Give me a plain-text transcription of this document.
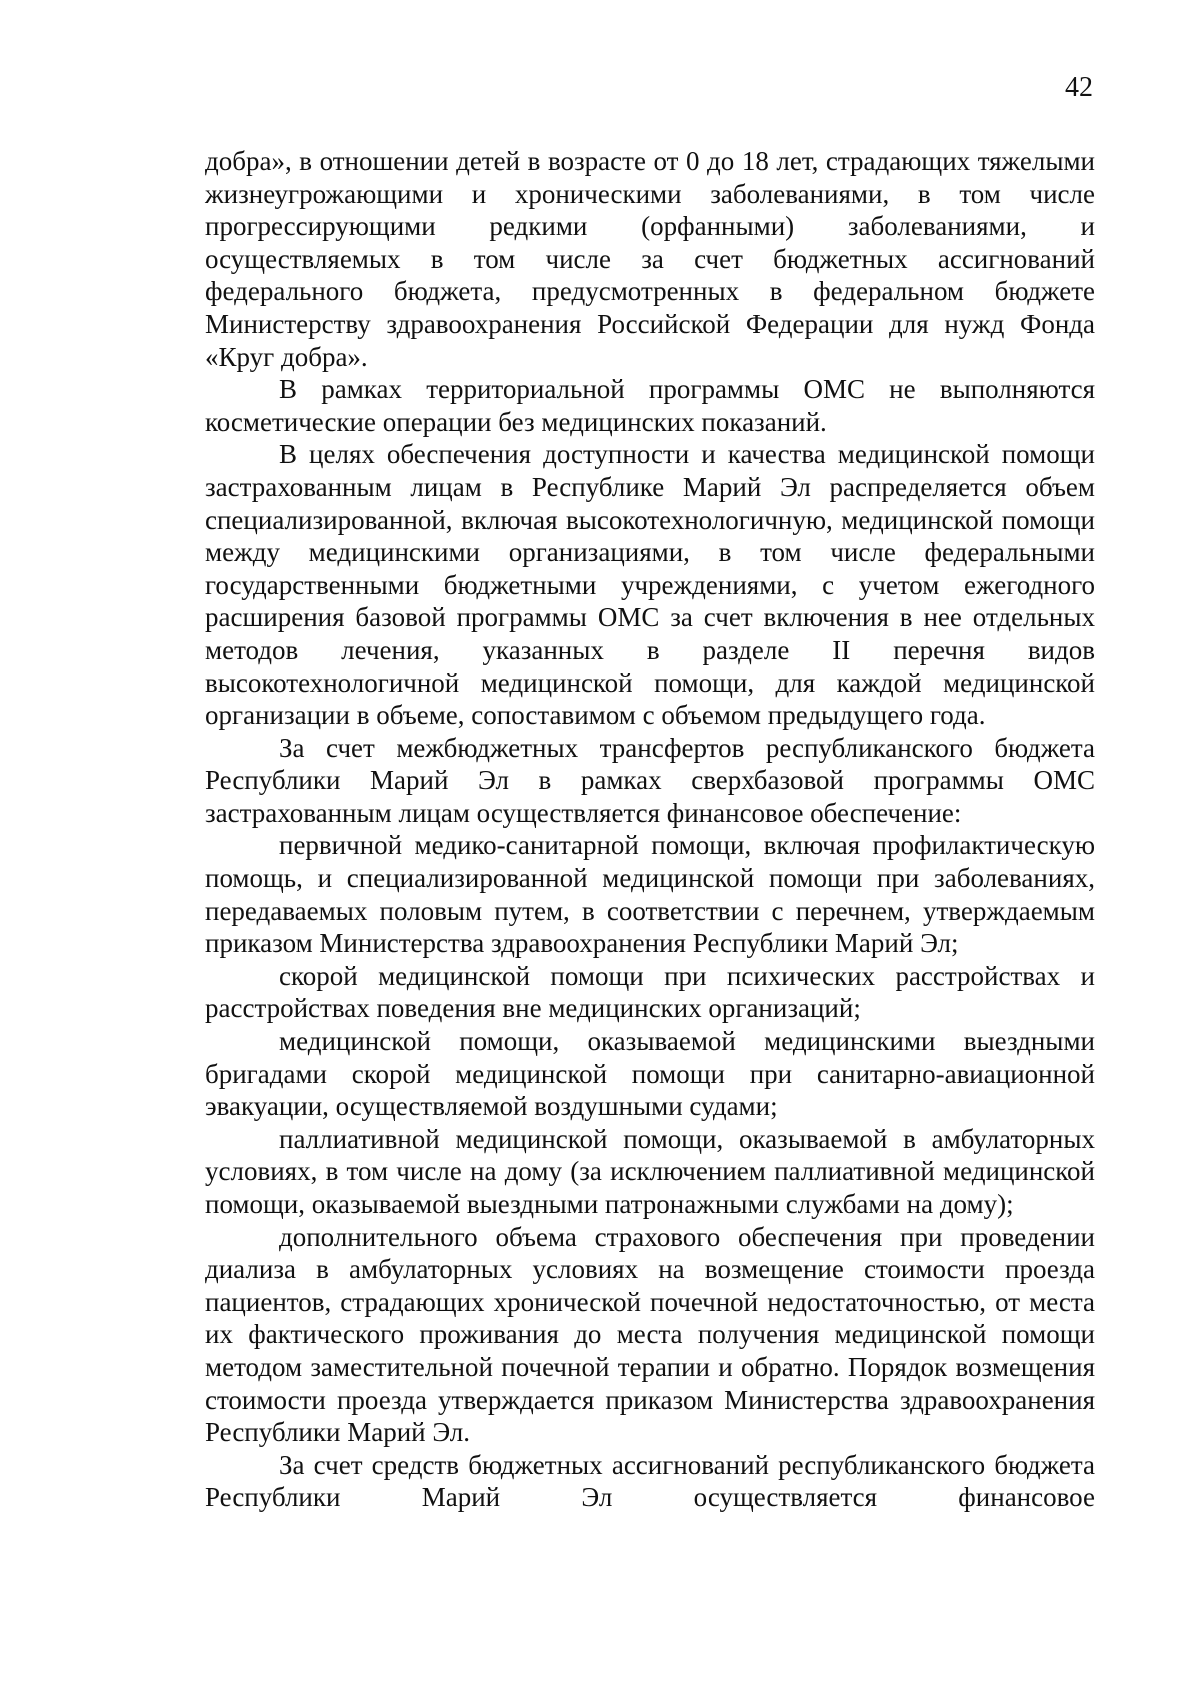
42

добра», в отношении детей в возрасте от 0 до 18 лет, страдающих тяжелыми жизнеугрожающими и хроническими заболеваниями, в том числе прогрессирующими редкими (орфанными) заболеваниями, и осуществляемых в том числе за счет бюджетных ассигнований федерального бюджета, предусмотренных в федеральном бюджете Министерству здравоохранения Российской Федерации для нужд Фонда «Круг добра».

В рамках территориальной программы ОМС не выполняются косметические операции без медицинских показаний.

В целях обеспечения доступности и качества медицинской помощи застрахованным лицам в Республике Марий Эл распределяется объем специализированной, включая высокотехнологичную, медицинской помощи между медицинскими организациями, в том числе федеральными государственными бюджетными учреждениями, с учетом ежегодного расширения базовой программы ОМС за счет включения в нее отдельных методов лечения, указанных в разделе II перечня видов высокотехнологичной медицинской помощи, для каждой медицинской организации в объеме, сопоставимом с объемом предыдущего года.

За счет межбюджетных трансфертов республиканского бюджета Республики Марий Эл в рамках сверхбазовой программы ОМС застрахованным лицам осуществляется финансовое обеспечение:

первичной медико-санитарной помощи, включая профилактическую помощь, и специализированной медицинской помощи при заболеваниях, передаваемых половым путем, в соответствии с перечнем, утверждаемым приказом Министерства здравоохранения Республики Марий Эл;

скорой медицинской помощи при психических расстройствах и расстройствах поведения вне медицинских организаций;

медицинской помощи, оказываемой медицинскими выездными бригадами скорой медицинской помощи при санитарно-авиационной эвакуации, осуществляемой воздушными судами;

паллиативной медицинской помощи, оказываемой в амбулаторных условиях, в том числе на дому (за исключением паллиативной медицинской помощи, оказываемой выездными патронажными службами на дому);

дополнительного объема страхового обеспечения при проведении диализа в амбулаторных условиях на возмещение стоимости проезда пациентов, страдающих хронической почечной недостаточностью, от места их фактического проживания до места получения медицинской помощи методом заместительной почечной терапии и обратно. Порядок возмещения стоимости проезда утверждается приказом Министерства здравоохранения Республики Марий Эл.

За счет средств бюджетных ассигнований республиканского бюджета Республики Марий Эл осуществляется финансовое
